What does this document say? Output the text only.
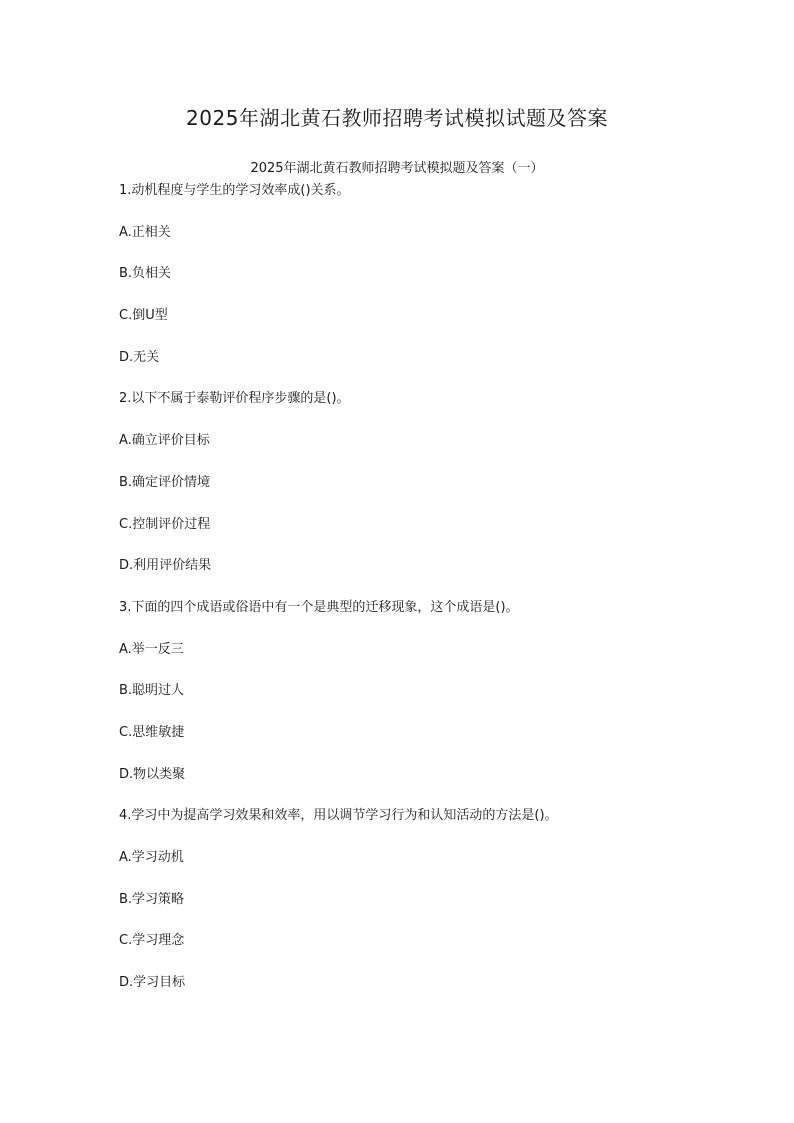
2025年湖北黄石教师招聘考试模拟试题及答案
2025年湖北黄石教师招聘考试模拟题及答案（一）
1.动机程度与学生的学习效率成()关系。
A.正相关
B.负相关
C.倒U型
D.无关
2.以下不属于泰勒评价程序步骤的是()。
A.确立评价目标
B.确定评价情境
C.控制评价过程
D.利用评价结果
3.下面的四个成语或俗语中有一个是典型的迁移现象，这个成语是()。
A.举一反三
B.聪明过人
C.思维敏捷
D.物以类聚
4.学习中为提高学习效果和效率，用以调节学习行为和认知活动的方法是()。
A.学习动机
B.学习策略
C.学习理念
D.学习目标
